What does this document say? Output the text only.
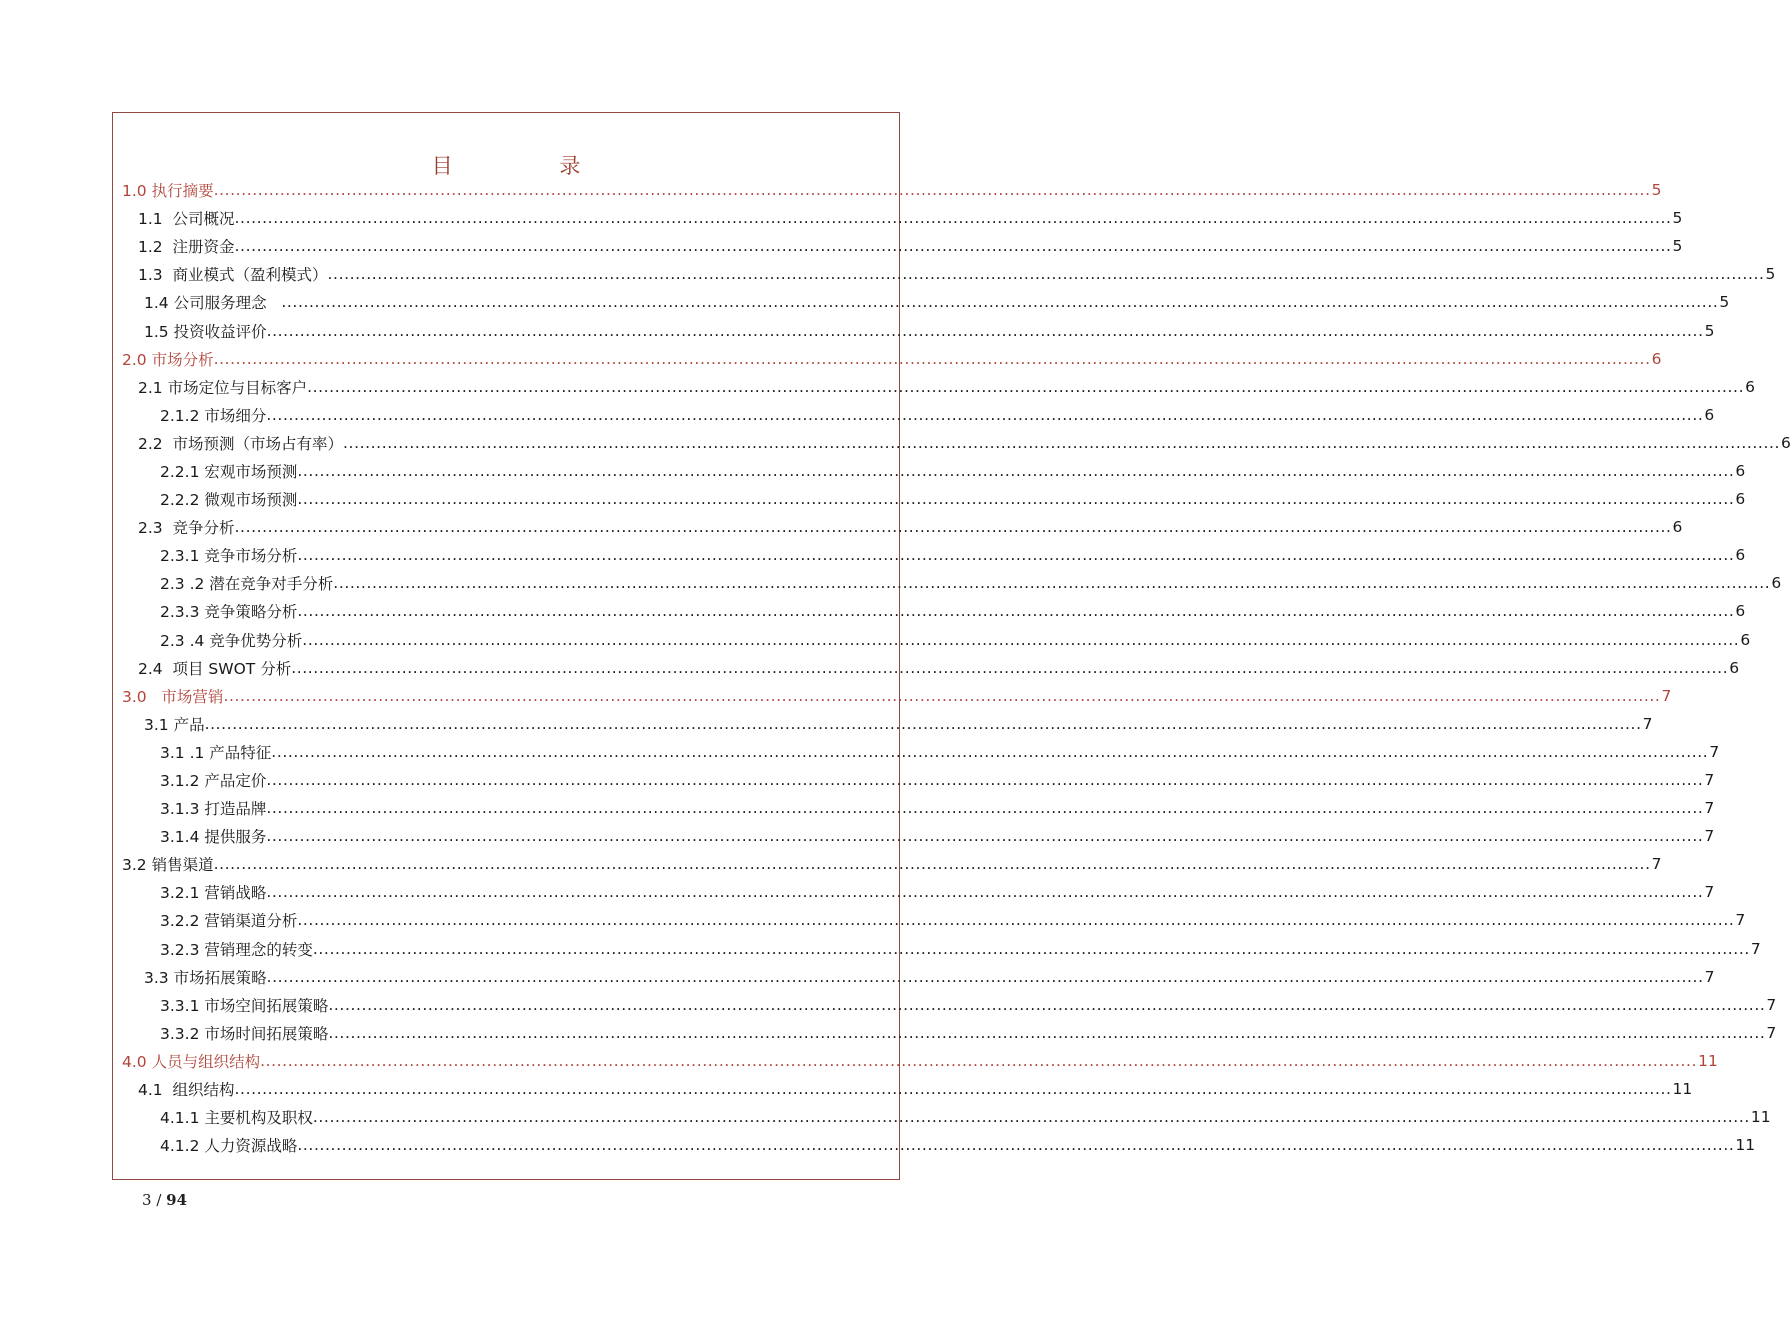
目 录
1.0 执行摘要 .................................................................................................................................................................................................................................................................... 5
1.1  公司概况 .................................................................................................................................................................................................................................................................... 5
1.2  注册资金 .................................................................................................................................................................................................................................................................... 5
1.3  商业模式（盈利模式） .................................................................................................................................................................................................................................................................... 5
1.4 公司服务理念 .................................................................................................................................................................................................................................................................... 5
1.5 投资收益评价 .................................................................................................................................................................................................................................................................... 5
2.0 市场分析 .................................................................................................................................................................................................................................................................... 6
2.1 市场定位与目标客户 .................................................................................................................................................................................................................................................................... 6
2.1.2 市场细分 .................................................................................................................................................................................................................................................................... 6
2.2  市场预测（市场占有率） .................................................................................................................................................................................................................................................................... 6
2.2.1 宏观市场预测 .................................................................................................................................................................................................................................................................... 6
2.2.2 微观市场预测 .................................................................................................................................................................................................................................................................... 6
2.3  竞争分析 .................................................................................................................................................................................................................................................................... 6
2.3.1 竞争市场分析 .................................................................................................................................................................................................................................................................... 6
2.3 .2 潜在竞争对手分析 .................................................................................................................................................................................................................................................................... 6
2.3.3 竞争策略分析 .................................................................................................................................................................................................................................................................... 6
2.3 .4 竞争优势分析 .................................................................................................................................................................................................................................................................... 6
2.4  项目 SWOT 分析 .................................................................................................................................................................................................................................................................... 6
3.0   市场营销 .................................................................................................................................................................................................................................................................... 7
3.1 产品 .................................................................................................................................................................................................................................................................... 7
3.1 .1 产品特征 .................................................................................................................................................................................................................................................................... 7
3.1.2 产品定价 .................................................................................................................................................................................................................................................................... 7
3.1.3 打造品牌 .................................................................................................................................................................................................................................................................... 7
3.1.4 提供服务 .................................................................................................................................................................................................................................................................... 7
3.2 销售渠道 .................................................................................................................................................................................................................................................................... 7
3.2.1 营销战略 .................................................................................................................................................................................................................................................................... 7
3.2.2 营销渠道分析 .................................................................................................................................................................................................................................................................... 7
3.2.3 营销理念的转变 .................................................................................................................................................................................................................................................................... 7
3.3 市场拓展策略 .................................................................................................................................................................................................................................................................... 7
3.3.1 市场空间拓展策略 .................................................................................................................................................................................................................................................................... 7
3.3.2 市场时间拓展策略 .................................................................................................................................................................................................................................................................... 7
4.0 人员与组织结构 .................................................................................................................................................................................................................................................................... 11
4.1  组织结构 .................................................................................................................................................................................................................................................................... 11
4.1.1 主要机构及职权 .................................................................................................................................................................................................................................................................... 11
4.1.2 人力资源战略 .................................................................................................................................................................................................................................................................... 11
3 / 94
